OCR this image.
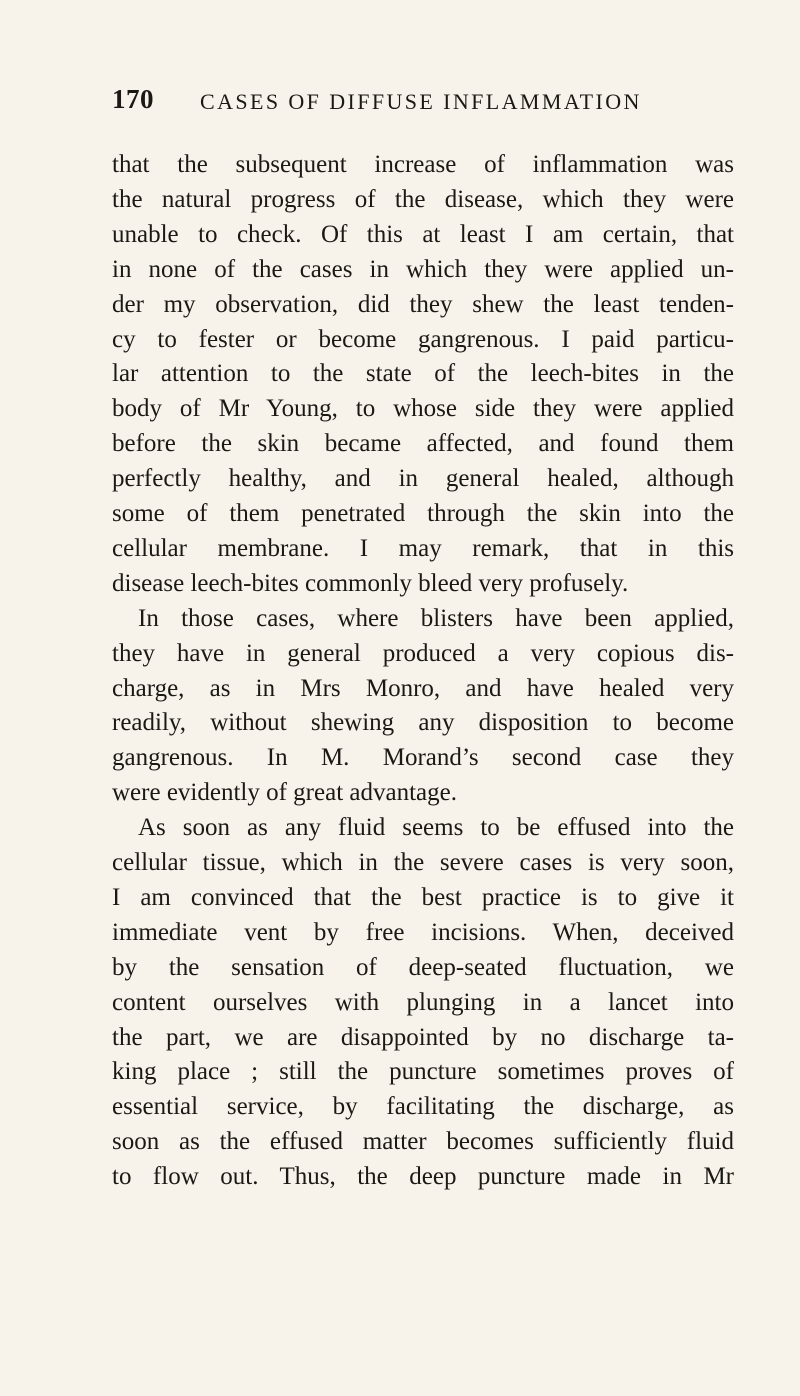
170 CASES OF DIFFUSE INFLAMMATION
that the subsequent increase of inflammation was
the natural progress of the disease, which they were
unable to check. Of this at least I am certain, that
in none of the cases in which they were applied un-
der my observation, did they shew the least tenden-
cy to fester or become gangrenous. I paid particu-
lar attention to the state of the leech-bites in the
body of Mr Young, to whose side they were applied
before the skin became affected, and found them
perfectly healthy, and in general healed, although
some of them penetrated through the skin into the
cellular membrane. I may remark, that in this
disease leech-bites commonly bleed very profusely.
In those cases, where blisters have been applied,
they have in general produced a very copious dis-
charge, as in Mrs Monro, and have healed very
readily, without shewing any disposition to become
gangrenous. In M. Morand’s second case they
were evidently of great advantage.
As soon as any fluid seems to be effused into the
cellular tissue, which in the severe cases is very soon,
I am convinced that the best practice is to give it
immediate vent by free incisions. When, deceived
by the sensation of deep-seated fluctuation, we
content ourselves with plunging in a lancet into
the part, we are disappointed by no discharge ta-
king place ; still the puncture sometimes proves of
essential service, by facilitating the discharge, as
soon as the effused matter becomes sufficiently fluid
to flow out. Thus, the deep puncture made in Mr
